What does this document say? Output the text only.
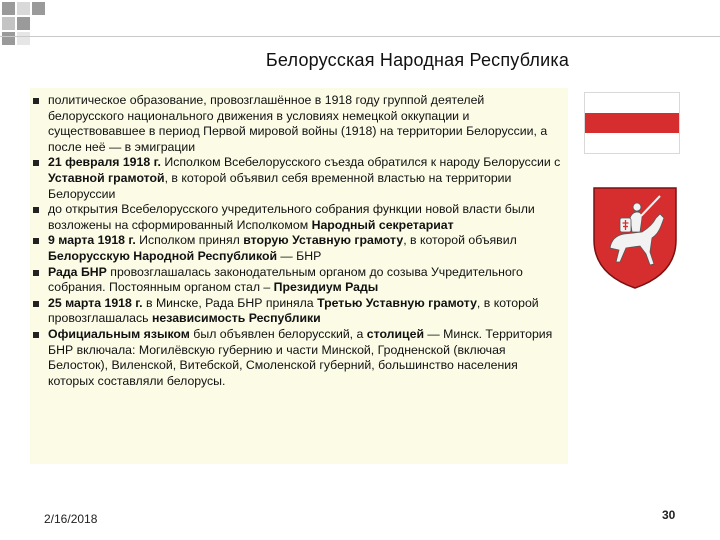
Белорусская Народная Республика
политическое образование, провозглашённое в 1918 году группой деятелей белорусского национального движения в условиях немецкой оккупации и существовавшее в период Первой мировой войны (1918) на территории Белоруссии, а после неё — в эмиграции
21 февраля 1918 г. Исполком Всебелорусского съезда обратился к народу Белоруссии с Уставной грамотой, в которой объявил себя временной властью на территории Белоруссии
до открытия Всебелорусского учредительного собрания функции новой власти были возложены на сформированный Исполкомом Народный секретариат
9 марта 1918 г. Исполком принял вторую Уставную грамоту, в которой объявил Белорусскую Народной Республикой — БНР
Рада БНР провозглашалась законодательным органом до созыва Учредительного собрания. Постоянным органом стал – Президиум Рады
25 марта 1918 г. в Минске, Рада БНР приняла Третью Уставную грамоту, в которой провозглашалась независимость Республики
Официальным языком был объявлен белорусский, а столицей — Минск. Территория БНР включала: Могилёвскую губернию и части Минской, Гродненской (включая Белосток), Виленской, Витебской, Смоленской губерний, большинство населения которых составляли белорусы.
2/16/2018	30
